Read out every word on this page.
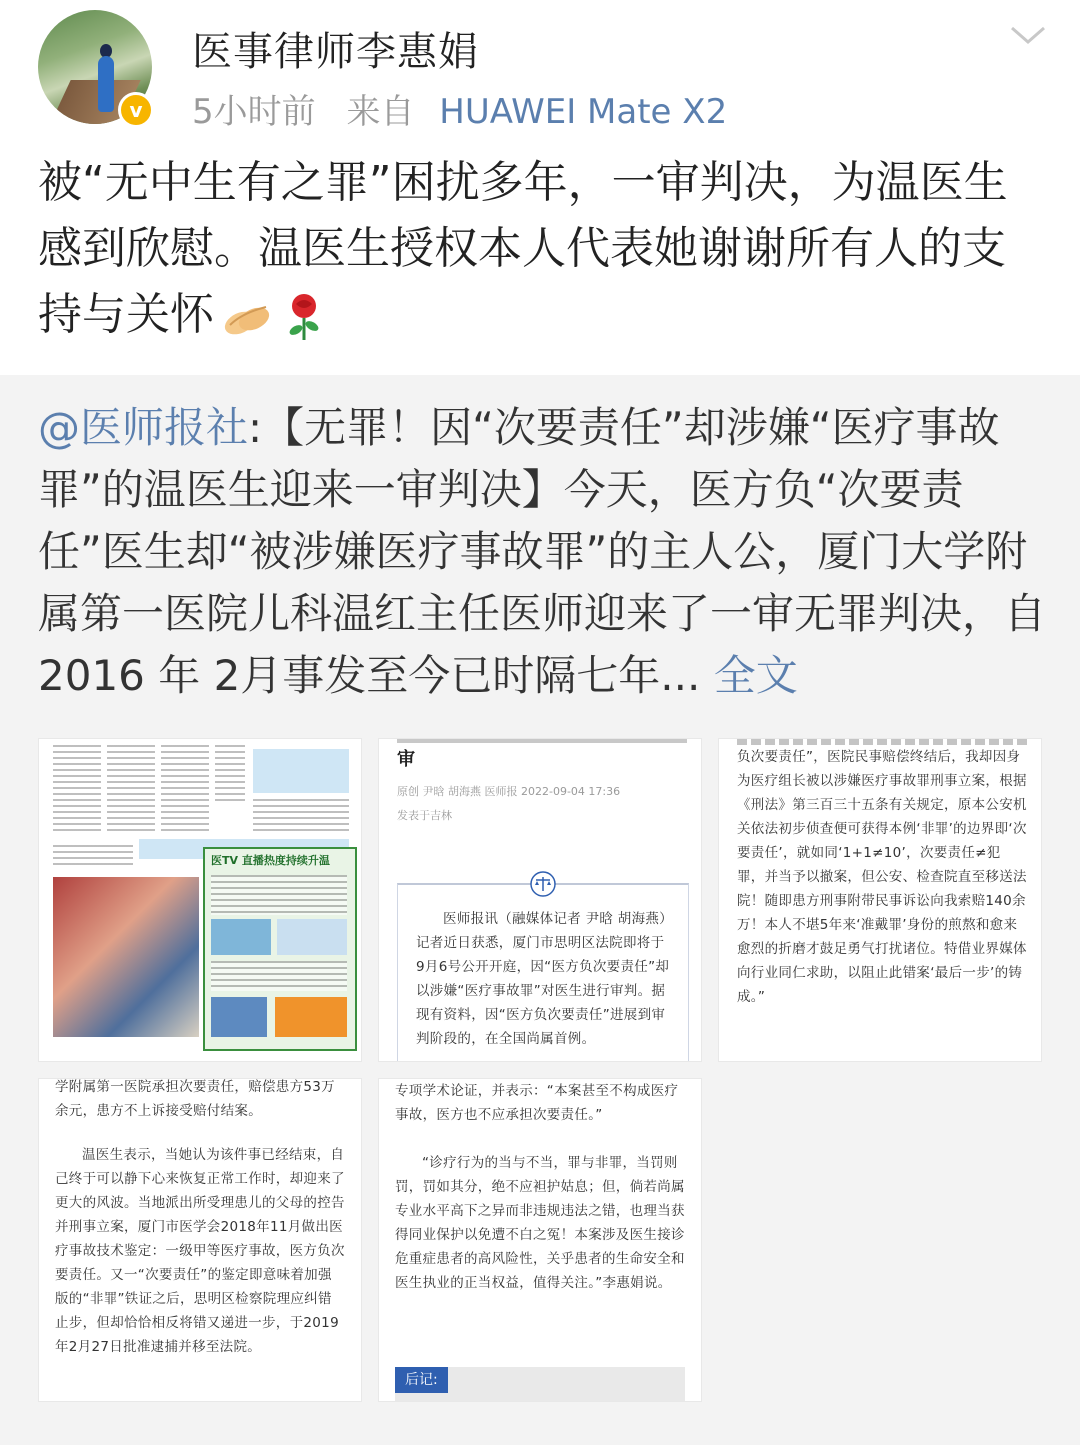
v
医事律师李惠娟
5小时前 来自 HUAWEI Mate X2
被“无中生有之罪”困扰多年，一审判决，为温医生感到欣慰。温医生授权本人代表她谢谢所有人的支持与关怀
@医师报社:【无罪！因“次要责任”却涉嫌“医疗事故罪”的温医生迎来一审判决】今天，医方负“次要责任”医生却“被涉嫌医疗事故罪”的主人公，厦门大学附属第一医院儿科温红主任医师迎来了一审无罪判决，自 2016 年 2月事发至今已时隔七年... 全文
医TV 直播热度持续升温
审
原创 尹晗 胡海燕 医师报 2022-09-04 17:36
发表于吉林
医师报讯（融媒体记者 尹晗 胡海燕）记者近日获悉，厦门市思明区法院即将于9月6号公开开庭，因“医方负次要责任”却以涉嫌“医疗事故罪”对医生进行审判。据现有资料，因“医方负次要责任”进展到审判阶段的，在全国尚属首例。
负次要责任”，医院民事赔偿终结后，我却因身为医疗组长被以涉嫌医疗事故罪刑事立案，根据《刑法》第三百三十五条有关规定，原本公安机关依法初步侦查便可获得本例‘非罪’的边界即‘次要责任’，就如同‘1+1≠10’，次要责任≠犯罪，并当予以撤案，但公安、检查院直至移送法院！随即患方刑事附带民事诉讼向我索赔140余万！本人不堪5年来‘准戴罪’身份的煎熬和愈来愈烈的折磨才鼓足勇气打扰诸位。特借业界媒体向行业同仁求助，以阻止此错案‘最后一步’的铸成。”
学附属第一医院承担次要责任，赔偿患方53万余元，患方不上诉接受赔付结案。
温医生表示，当她认为该件事已经结束，自己终于可以静下心来恢复正常工作时，却迎来了更大的风波。当地派出所受理患儿的父母的控告并刑事立案，厦门市医学会2018年11月做出医疗事故技术鉴定：一级甲等医疗事故，医方负次要责任。又一“次要责任”的鉴定即意味着加强版的“非罪”铁证之后，思明区检察院理应纠错止步，但却恰恰相反将错又递进一步，于2019年2月27日批准逮捕并移至法院。
专项学术论证，并表示：“本案甚至不构成医疗事故，医方也不应承担次要责任。”
“诊疗行为的当与不当，罪与非罪，当罚则罚，罚如其分，绝不应袒护姑息；但，倘若尚属专业水平高下之异而非违规违法之错，也理当获得同业保护以免遭不白之冤！本案涉及医生接诊危重症患者的高风险性，关乎患者的生命安全和医生执业的正当权益，值得关注。”李惠娟说。
后记:
